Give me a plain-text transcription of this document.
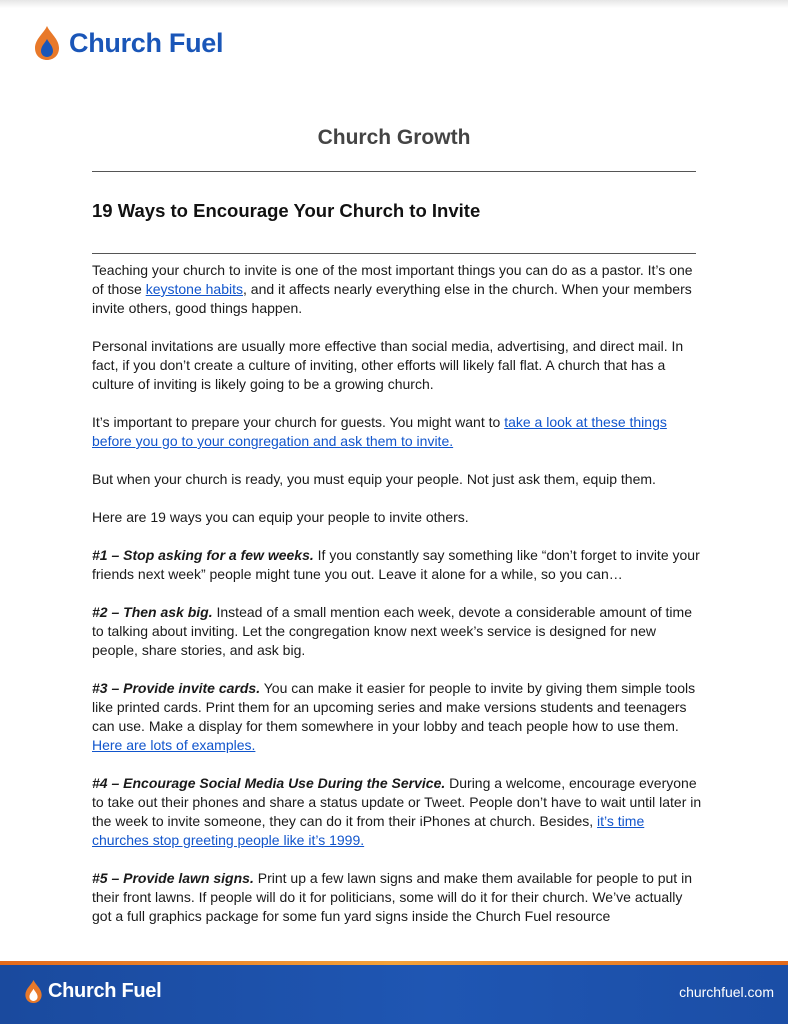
Church Fuel
Church Growth
19 Ways to Encourage Your Church to Invite

Teaching your church to invite is one of the most important things you can do as a pastor. It’s one of those keystone habits, and it affects nearly everything else in the church. When your members invite others, good things happen.

Personal invitations are usually more effective than social media, advertising, and direct mail. In fact, if you don’t create a culture of inviting, other efforts will likely fall flat. A church that has a culture of inviting is likely going to be a growing church.

It’s important to prepare your church for guests. You might want to take a look at these things before you go to your congregation and ask them to invite.

But when your church is ready, you must equip your people. Not just ask them, equip them.

Here are 19 ways you can equip your people to invite others.

#1 – Stop asking for a few weeks. If you constantly say something like “don’t forget to invite your friends next week” people might tune you out. Leave it alone for a while, so you can…

#2 – Then ask big. Instead of a small mention each week, devote a considerable amount of time to talking about inviting. Let the congregation know next week’s service is designed for new people, share stories, and ask big.

#3 – Provide invite cards. You can make it easier for people to invite by giving them simple tools like printed cards. Print them for an upcoming series and make versions students and teenagers can use. Make a display for them somewhere in your lobby and teach people how to use them. Here are lots of examples.

#4 – Encourage Social Media Use During the Service. During a welcome, encourage everyone to take out their phones and share a status update or Tweet. People don’t have to wait until later in the week to invite someone, they can do it from their iPhones at church. Besides, it’s time churches stop greeting people like it’s 1999.

#5 – Provide lawn signs. Print up a few lawn signs and make them available for people to put in their front lawns. If people will do it for politicians, some will do it for their church. We’ve actually got a full graphics package for some fun yard signs inside the Church Fuel resource

Church Fuel	churchfuel.com
